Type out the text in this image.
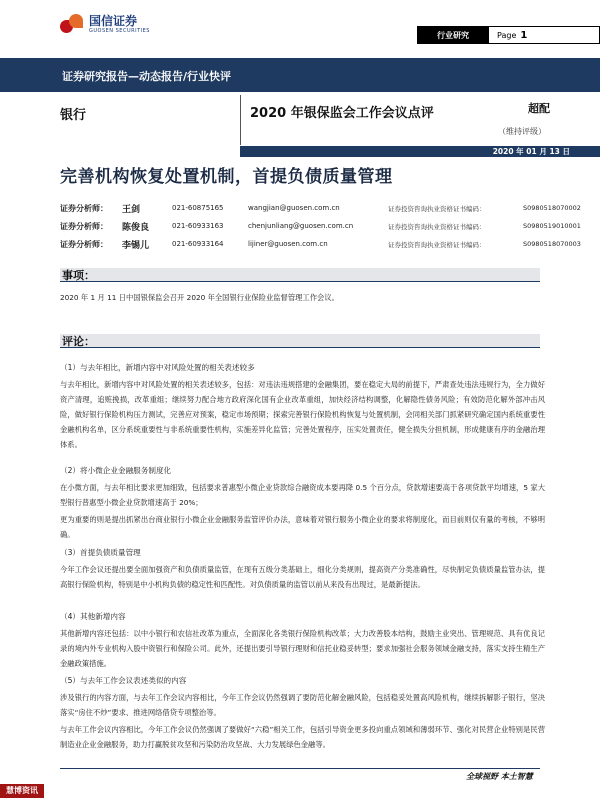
国信证券
GUOSEN SECURITIES	行业研究	Page 1
证券研究报告—动态报告/行业快评
银行	2020 年银保监会工作会议点评	超配
（维持评级）
2020 年 01 月 13 日
完善机构恢复处置机制，首提负债质量管理
证券分析师：	王剑	021-60875165	wangjian@guosen.com.cn	证券投资咨询执业资格证书编码：	S0980518070002
证券分析师：	陈俊良	021-60933163	chenjunliang@guosen.com.cn	证券投资咨询执业资格证书编码：	S0980519010001
证券分析师：	李锡儿	021-60933164	lijiner@guosen.com.cn	证券投资咨询执业资格证书编码：	S0980518070003
事项：
2020 年 1 月 11 日中国银保监会召开 2020 年全国银行业保险业监督管理工作会议。
评论：
（1）与去年相比，新增内容中对风险处置的相关表述较多
与去年相比，新增内容中对风险处置的相关表述较多，包括：对违法违规搭建的金融集团，要在稳定大局的前提下，严肃查处违法违规行为，全力做好资产清理，追赃挽损，改革重组；继续努力配合地方政府深化国有企业改革重组，加快经济结构调整，化解隐性债务风险；有效防范化解外部冲击风险，做好银行保险机构压力测试，完善应对预案，稳定市场预期；探索完善银行保险机构恢复与处置机制，会同相关部门抓紧研究确定国内系统重要性金融机构名单，区分系统重要性与非系统重要性机构，实施差异化监管；完善处置程序，压实处置责任，健全损失分担机制，形成健康有序的金融治理体系。
（2）将小微企业金融服务制度化
在小微方面，与去年相比要求更加细致，包括要求普惠型小微企业贷款综合融资成本要再降 0.5 个百分点，贷款增速要高于各项贷款平均增速，5 家大型银行普惠型小微企业贷款增速高于 20%；
更为重要的则是提出抓紧出台商业银行小微企业金融服务监管评价办法，意味着对银行服务小微企业的要求将制度化，而目前则仅有量的考核，不够明确。
（3）首提负债质量管理
今年工作会议还提出要全面加强资产和负债质量监管，在现有五级分类基础上，细化分类规则，提高资产分类准确性，尽快制定负债质量监管办法，提高银行保险机构，特别是中小机构负债的稳定性和匹配性。对负债质量的监管以前从来没有出现过，是最新提法。
（4）其他新增内容
其他新增内容还包括：以中小银行和农信社改革为重点，全面深化各类银行保险机构改革；大力改善股本结构，鼓励主业突出、管理规范、具有优良记录的境内外专业机构入股中资银行和保险公司。此外，还提出要引导银行理财和信托业稳妥转型；要求加强社会服务领域金融支持，落实支持生精生产金融政策措施。
（5）与去年工作会议表述类似的内容
涉及银行的内容方面，与去年工作会议内容相比，今年工作会议仍然强调了要防范化解金融风险，包括稳妥处置高风险机构，继续拆解影子银行，坚决落实“房住不炒”要求、推进网络借贷专项整治等。
与去年工作会议内容相比，今年工作会议仍然强调了要做好“六稳”相关工作，包括引导资金更多投向重点领域和薄弱环节、强化对民营企业特别是民营制造业企业金融服务，助力打赢脱贫攻坚和污染防治攻坚战、大力发展绿色金融等。
全球视野 本土智慧
慧博资讯
